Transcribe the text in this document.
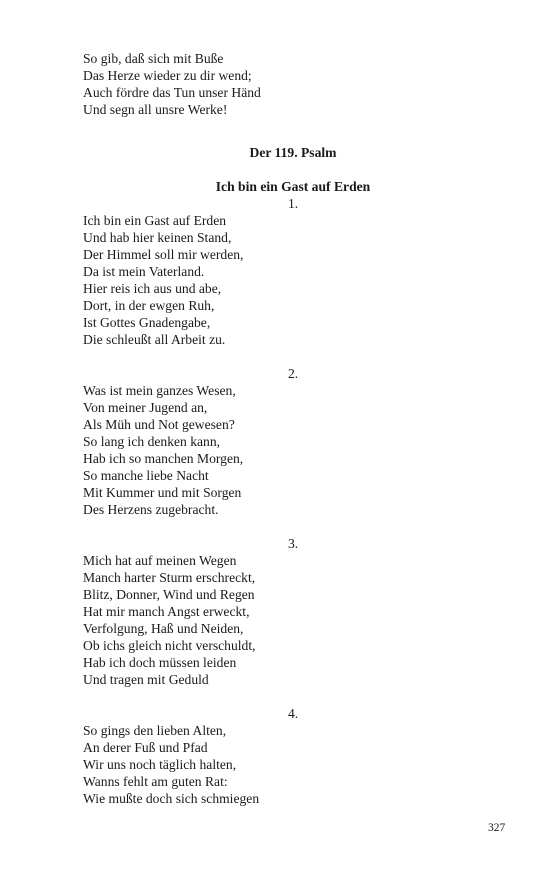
So gib, daß sich mit Buße
Das Herze wieder zu dir wend;
Auch fördre das Tun unser Händ
Und segn all unsre Werke!
Der 119. Psalm
Ich bin ein Gast auf Erden
1.
Ich bin ein Gast auf Erden
Und hab hier keinen Stand,
Der Himmel soll mir werden,
Da ist mein Vaterland.
Hier reis ich aus und abe,
Dort, in der ewgen Ruh,
Ist Gottes Gnadengabe,
Die schleußt all Arbeit zu.
2.
Was ist mein ganzes Wesen,
Von meiner Jugend an,
Als Müh und Not gewesen?
So lang ich denken kann,
Hab ich so manchen Morgen,
So manche liebe Nacht
Mit Kummer und mit Sorgen
Des Herzens zugebracht.
3.
Mich hat auf meinen Wegen
Manch harter Sturm erschreckt,
Blitz, Donner, Wind und Regen
Hat mir manch Angst erweckt,
Verfolgung, Haß und Neiden,
Ob ichs gleich nicht verschuldt,
Hab ich doch müssen leiden
Und tragen mit Geduld
4.
So gings den lieben Alten,
An derer Fuß und Pfad
Wir uns noch täglich halten,
Wanns fehlt am guten Rat:
Wie mußte doch sich schmiegen
327
